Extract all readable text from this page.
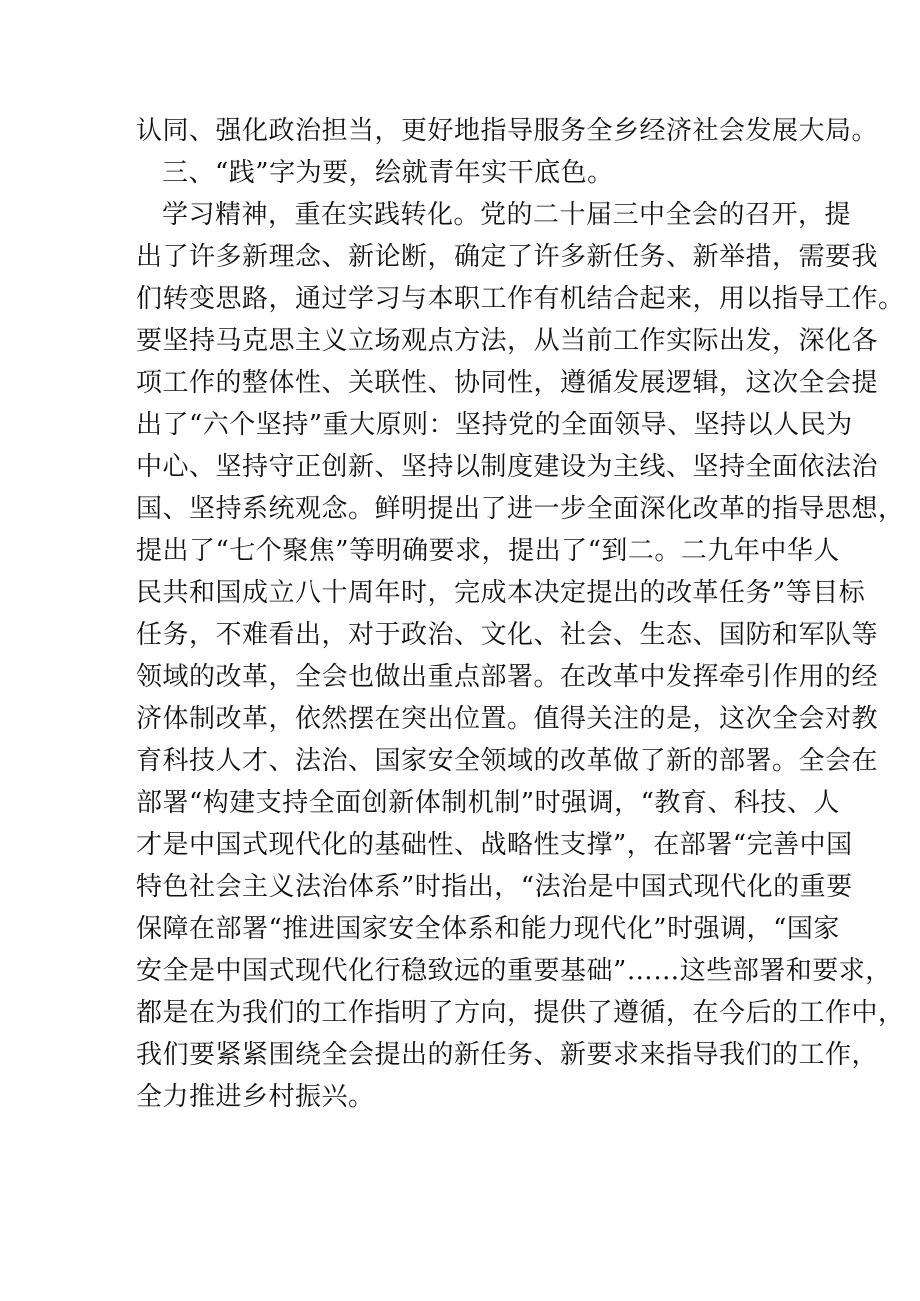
认同、强化政治担当，更好地指导服务全乡经济社会发展大局。
三、“践”字为要，绘就青年实干底色。
学习精神，重在实践转化。党的二十届三中全会的召开，提
出了许多新理念、新论断，确定了许多新任务、新举措，需要我
们转变思路，通过学习与本职工作有机结合起来，用以指导工作。
要坚持马克思主义立场观点方法，从当前工作实际出发，深化各
项工作的整体性、关联性、协同性，遵循发展逻辑，这次全会提
出了“六个坚持”重大原则：坚持党的全面领导、坚持以人民为
中心、坚持守正创新、坚持以制度建设为主线、坚持全面依法治
国、坚持系统观念。鲜明提出了进一步全面深化改革的指导思想，
提出了“七个聚焦”等明确要求，提出了“到二。二九年中华人
民共和国成立八十周年时，完成本决定提出的改革任务”等目标
任务，不难看出，对于政治、文化、社会、生态、国防和军队等
领域的改革，全会也做出重点部署。在改革中发挥牵引作用的经
济体制改革，依然摆在突出位置。值得关注的是，这次全会对教
育科技人才、法治、国家安全领域的改革做了新的部署。全会在
部署“构建支持全面创新体制机制”时强调，“教育、科技、人
才是中国式现代化的基础性、战略性支撑”，在部署“完善中国
特色社会主义法治体系”时指出，“法治是中国式现代化的重要
保障在部署“推进国家安全体系和能力现代化”时强调，“国家
安全是中国式现代化行稳致远的重要基础”……这些部署和要求，
都是在为我们的工作指明了方向，提供了遵循，在今后的工作中，
我们要紧紧围绕全会提出的新任务、新要求来指导我们的工作，
全力推进乡村振兴。
